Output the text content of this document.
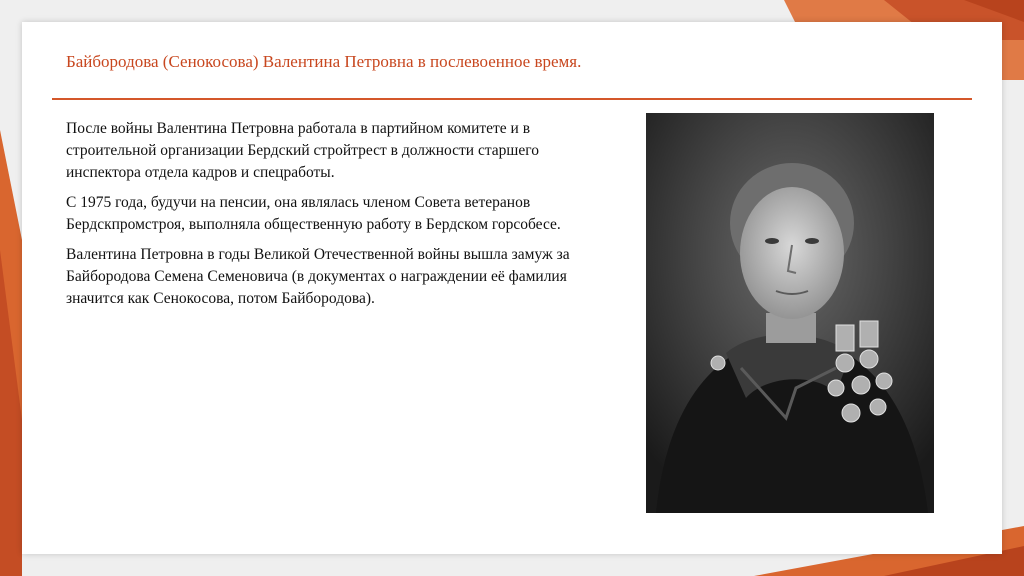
Байбородова (Сенокосова) Валентина Петровна в послевоенное время.

После войны Валентина Петровна работала в партийном комитете и в строительной организации Бердский стройтрест в должности старшего инспектора отдела кадров и спецработы.

С 1975 года, будучи на пенсии, она являлась членом Совета ветеранов Бердскпромстроя, выполняла общественную работу в Бердском горсобесе.

Валентина Петровна в годы Великой Отечественной войны вышла замуж за Байбородова Семена Семеновича (в документах о награждении её фамилия значится как Сенокосова, потом Байбородова).
